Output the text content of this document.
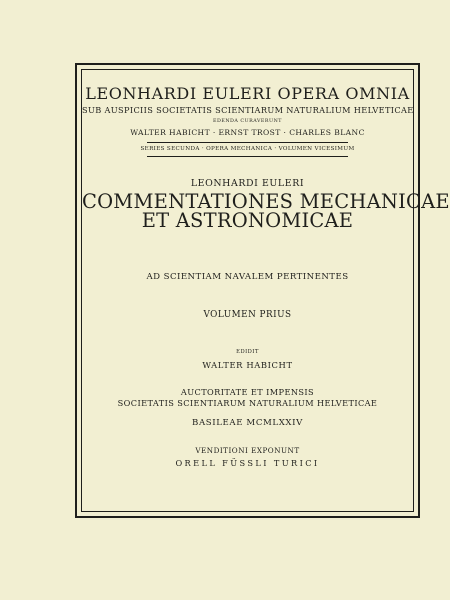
LEONHARDI EULERI OPERA OMNIA
SUB AUSPICIIS SOCIETATIS SCIENTIARUM NATURALIUM HELVETICAE
EDENDA CURAVERUNT
WALTER HABICHT · ERNST TROST · CHARLES BLANC
SERIES SECUNDA · OPERA MECHANICA · VOLUMEN VICESIMUM
LEONHARDI EULERI
COMMENTATIONES MECHANICAE
ET ASTRONOMICAE
AD SCIENTIAM NAVALEM PERTINENTES
VOLUMEN PRIUS
EDIDIT
WALTER HABICHT
AUCTORITATE ET IMPENSIS
SOCIETATIS SCIENTIARUM NATURALIUM HELVETICAE
BASILEAE MCMLXXIV
VENDITIONI EXPONUNT
ORELL FÜSSLI TURICI
